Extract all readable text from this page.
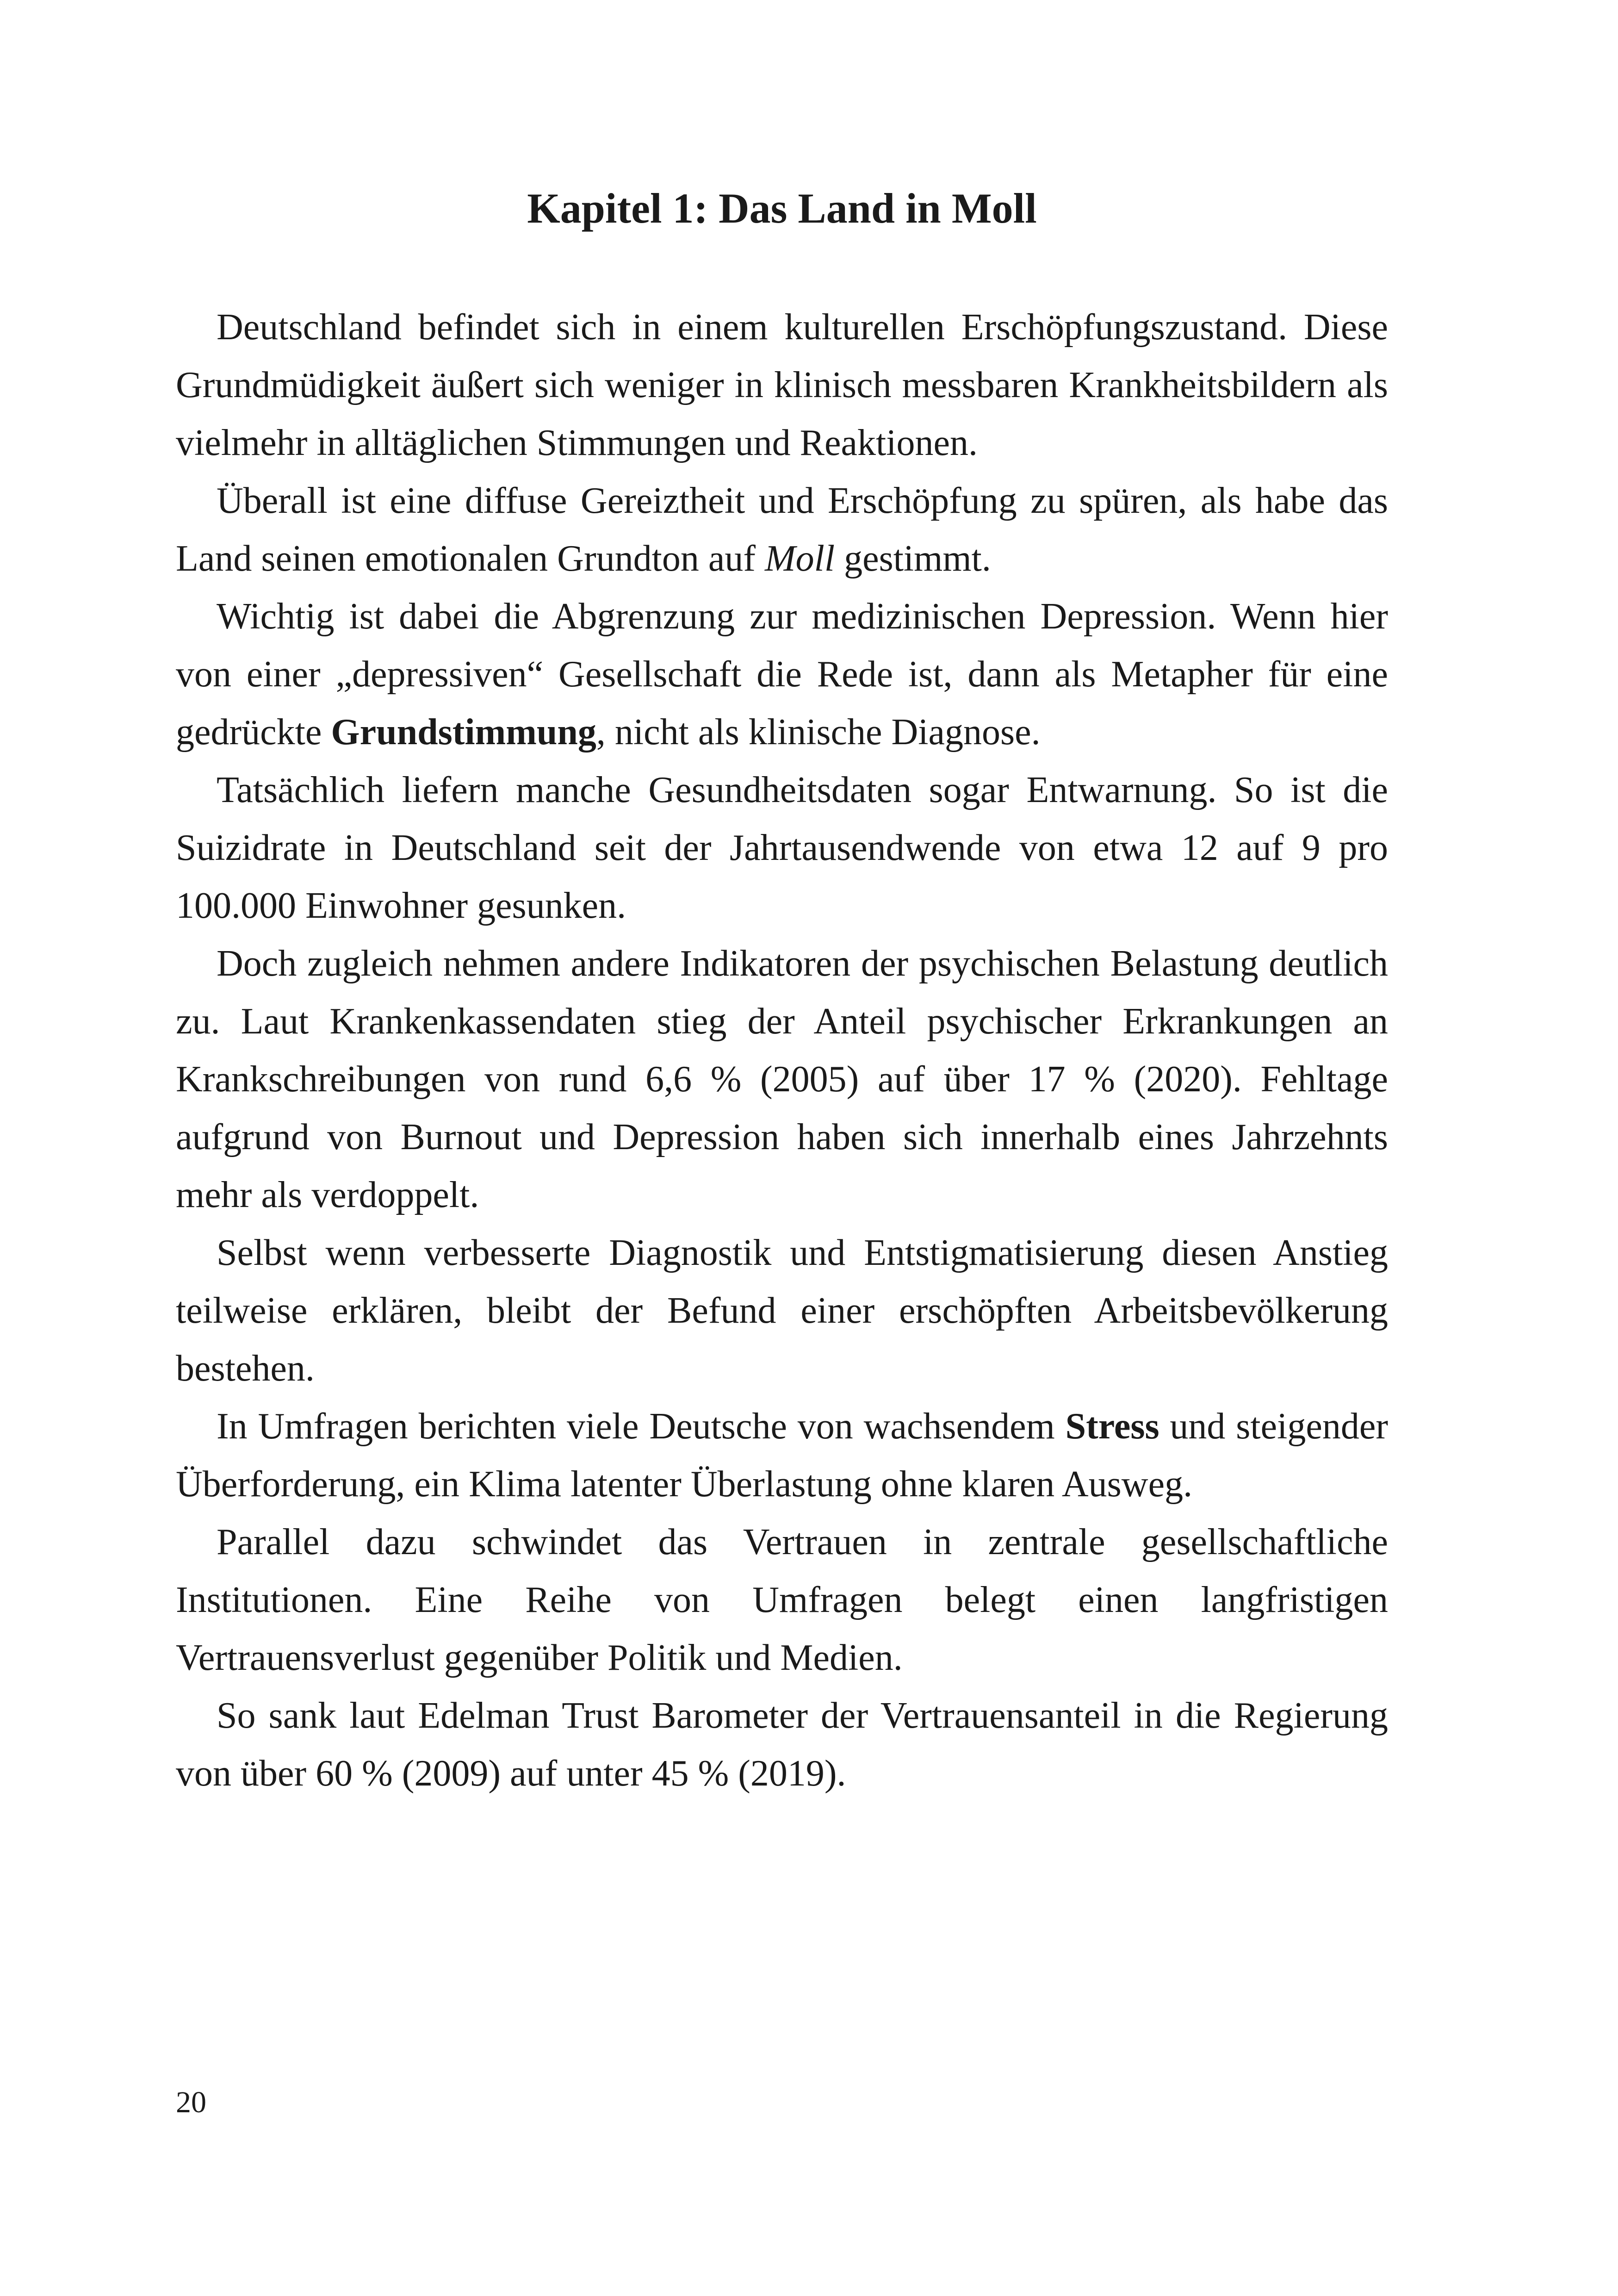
Kapitel 1: Das Land in Moll

Deutschland befindet sich in einem kulturellen Erschöpfungszustand. Diese Grundmüdigkeit äußert sich weniger in klinisch messbaren Krankheitsbildern als vielmehr in alltäglichen Stimmungen und Reaktionen.

Überall ist eine diffuse Gereiztheit und Erschöpfung zu spüren, als habe das Land seinen emotionalen Grundton auf Moll gestimmt.

Wichtig ist dabei die Abgrenzung zur medizinischen Depression. Wenn hier von einer „depressiven“ Gesellschaft die Rede ist, dann als Metapher für eine gedrückte Grundstimmung, nicht als klinische Diagnose.

Tatsächlich liefern manche Gesundheitsdaten sogar Entwarnung. So ist die Suizidrate in Deutschland seit der Jahrtausendwende von etwa 12 auf 9 pro 100.000 Einwohner gesunken.

Doch zugleich nehmen andere Indikatoren der psychischen Belastung deutlich zu. Laut Krankenkassendaten stieg der Anteil psychischer Erkrankungen an Krankschreibungen von rund 6,6 % (2005) auf über 17 % (2020). Fehltage aufgrund von Burnout und Depression haben sich innerhalb eines Jahrzehnts mehr als verdoppelt.

Selbst wenn verbesserte Diagnostik und Entstigmatisierung diesen Anstieg teilweise erklären, bleibt der Befund einer erschöpften Arbeitsbevölkerung bestehen.

In Umfragen berichten viele Deutsche von wachsendem Stress und steigender Überforderung, ein Klima latenter Überlastung ohne klaren Ausweg.

Parallel dazu schwindet das Vertrauen in zentrale gesellschaftliche Institutionen. Eine Reihe von Umfragen belegt einen langfristigen Vertrauensverlust gegenüber Politik und Medien.

So sank laut Edelman Trust Barometer der Vertrauensanteil in die Regierung von über 60 % (2009) auf unter 45 % (2019).

20
